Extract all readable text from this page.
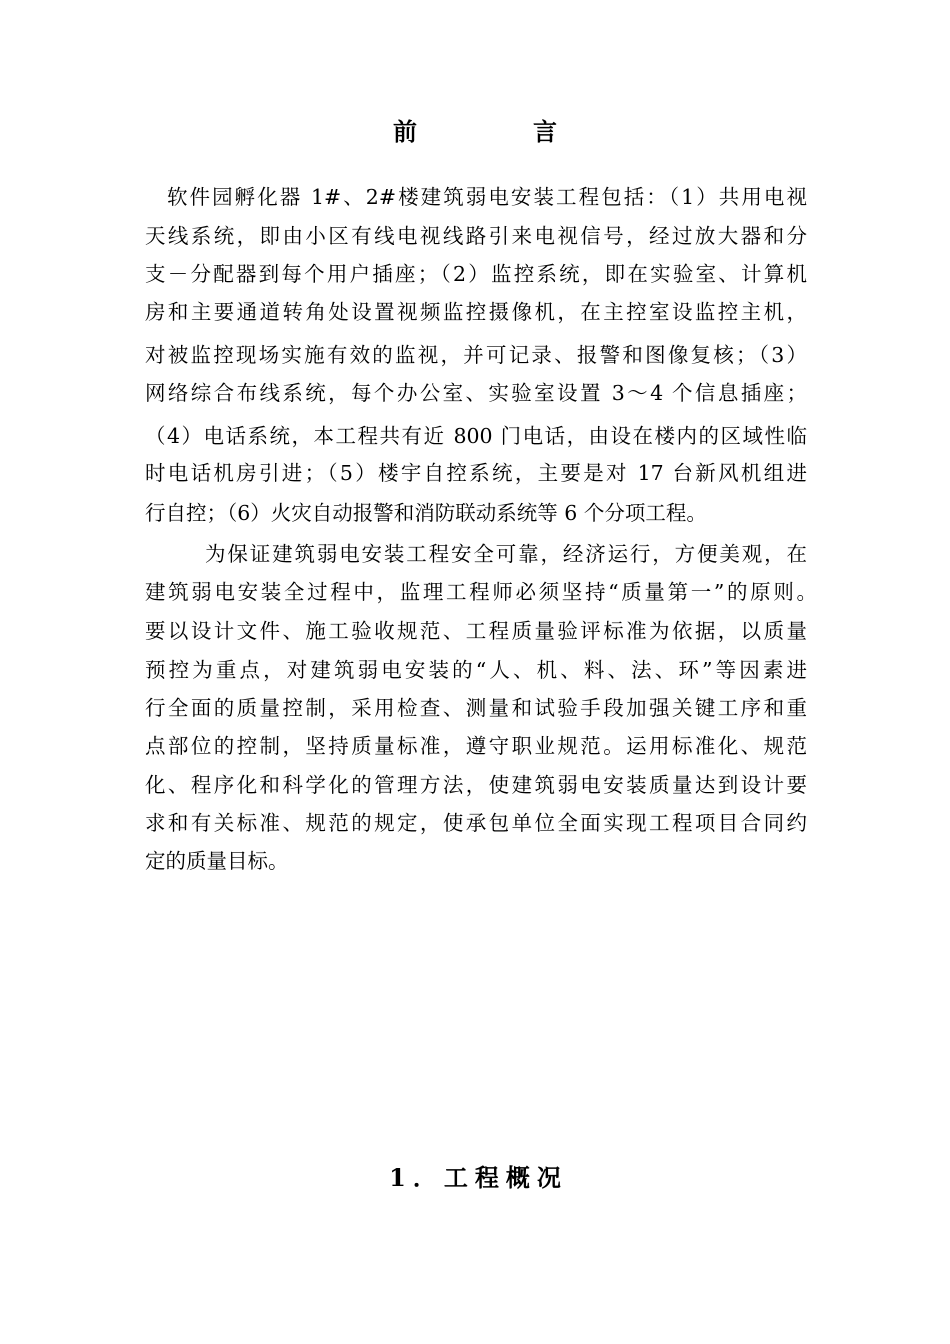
前　言

软件园孵化器 1#、2#楼建筑弱电安装工程包括：（1）共用电视

天线系统，即由小区有线电视线路引来电视信号，经过放大器和分

支－分配器到每个用户插座；（2）监控系统，即在实验室、计算机

房和主要通道转角处设置视频监控摄像机，在主控室设监控主机，

对被监控现场实施有效的监视，并可记录、报警和图像复核；（3）

网络综合布线系统，每个办公室、实验室设置 3～4 个信息插座；

（4）电话系统，本工程共有近 800 门电话，由设在楼内的区域性临

时电话机房引进；（5）楼宇自控系统，主要是对 17 台新风机组进

行自控；（6）火灾自动报警和消防联动系统等 6 个分项工程。

为保证建筑弱电安装工程安全可靠，经济运行，方便美观，在

建筑弱电安装全过程中，监理工程师必须坚持“质量第一”的原则。

要以设计文件、施工验收规范、工程质量验评标准为依据，以质量

预控为重点，对建筑弱电安装的“人、机、料、法、环”等因素进

行全面的质量控制，采用检查、测量和试验手段加强关键工序和重

点部位的控制，坚持质量标准，遵守职业规范。运用标准化、规范

化、程序化和科学化的管理方法，使建筑弱电安装质量达到设计要

求和有关标准、规范的规定，使承包单位全面实现工程项目合同约

定的质量目标。

1．工程概况
